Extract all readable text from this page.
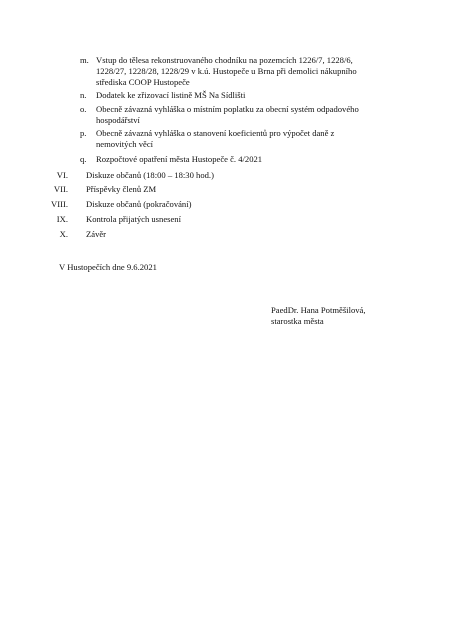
m. Vstup do tělesa rekonstruovaného chodníku na pozemcích 1226/7, 1228/6,
1228/27, 1228/28, 1228/29 v k.ú. Hustopeče u Brna při demolici nákupního
střediska COOP Hustopeče
n.	Dodatek ke zřizovací listině MŠ Na Sídlišti
o.	Obecně závazná vyhláška o místním poplatku za obecní systém odpadového
hospodářství
p.	Obecně závazná vyhláška o stanovení koeficientů pro výpočet daně z
nemovitých věcí
q.	Rozpočtové opatření města Hustopeče č. 4/2021
VI. Diskuze občanů (18:00 – 18:30 hod.)
VII. Příspěvky členů ZM
VIII. Diskuze občanů (pokračování)
IX. Kontrola přijatých usnesení
X. Závěr
V Hustopečích dne 9.6.2021
PaedDr. Hana Potměšilová,
starostka města
